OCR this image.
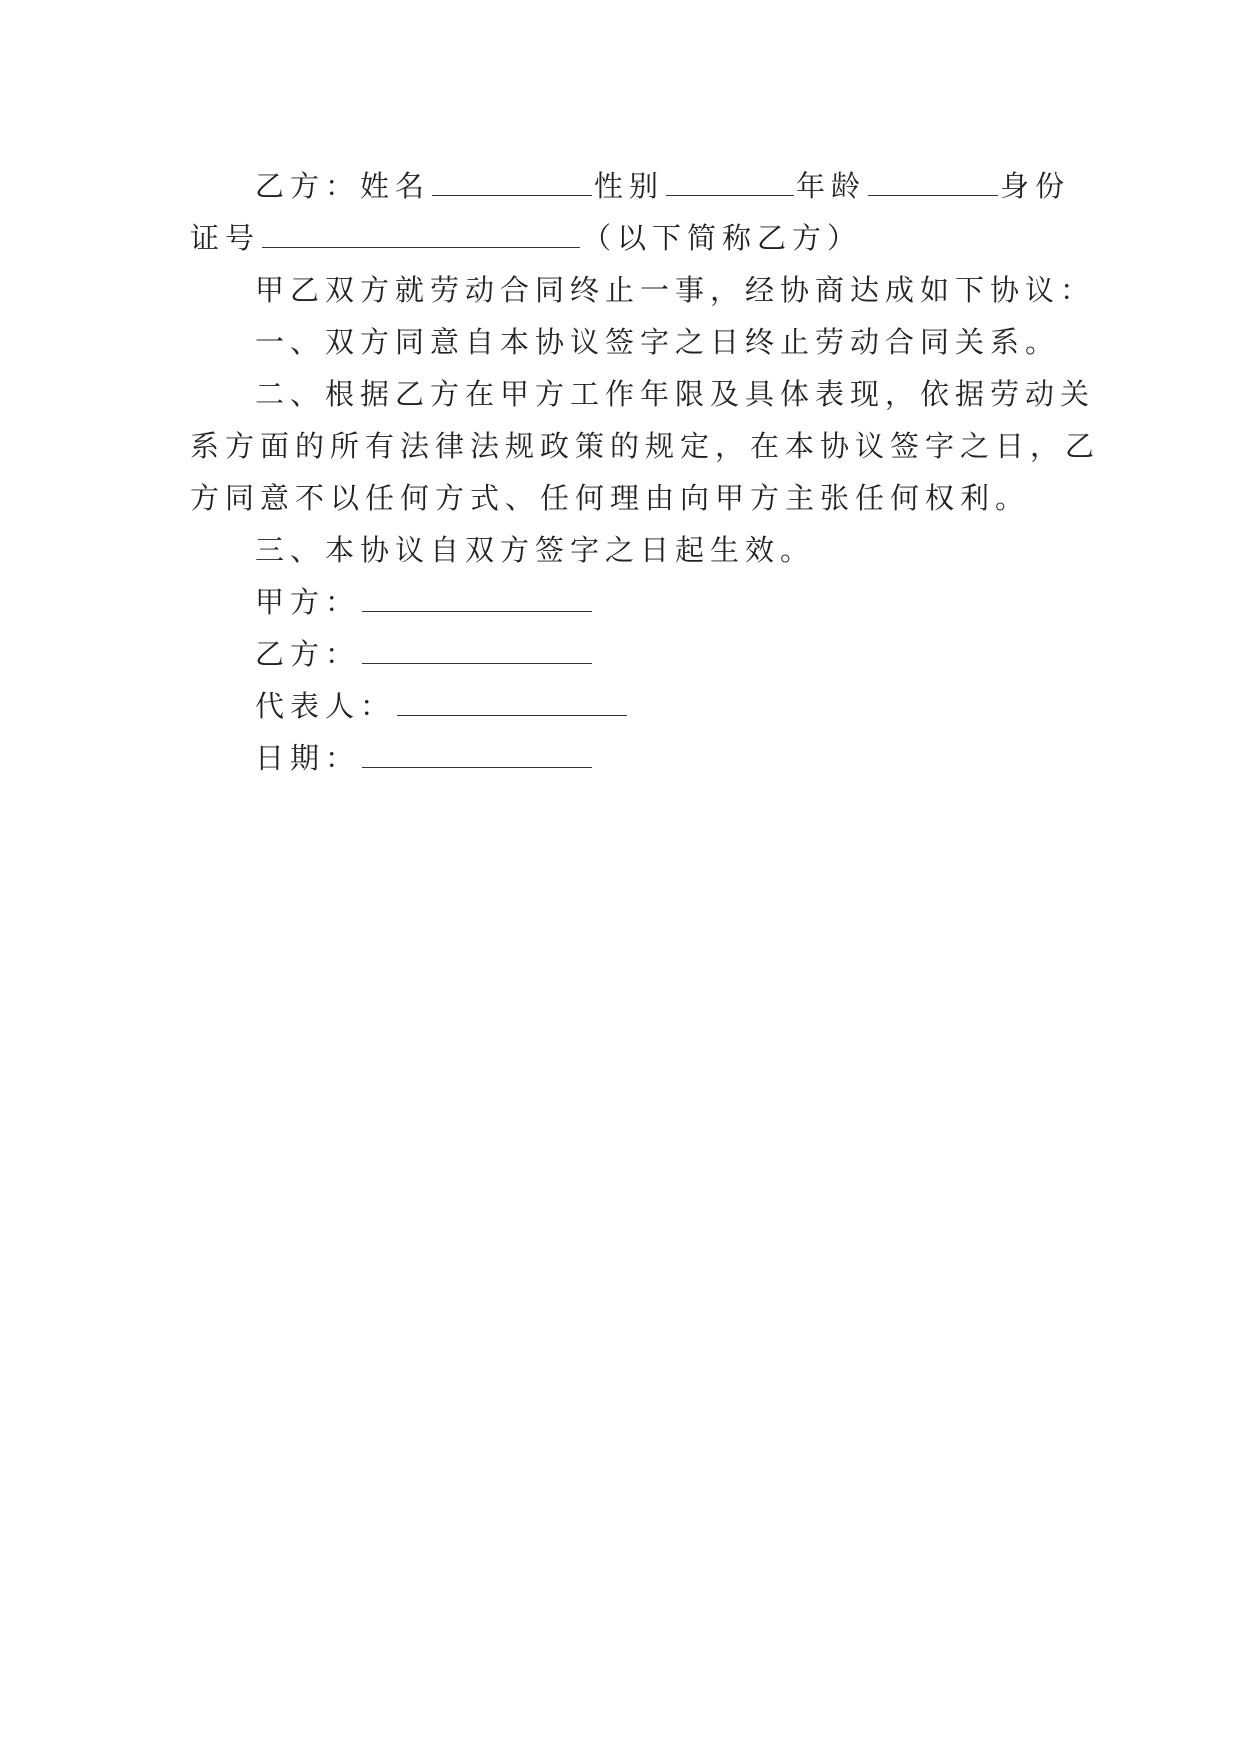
乙方：姓名	性别	年龄	身份
证号	（以下简称乙方）
甲乙双方就劳动合同终止一事，经协商达成如下协议：
一、双方同意自本协议签字之日终止劳动合同关系。
二、根据乙方在甲方工作年限及具体表现，依据劳动关
系方面的所有法律法规政策的规定，在本协议签字之日，乙
方同意不以任何方式、任何理由向甲方主张任何权利。
三、本协议自双方签字之日起生效。
甲方：
乙方：
代表人：
日期：
